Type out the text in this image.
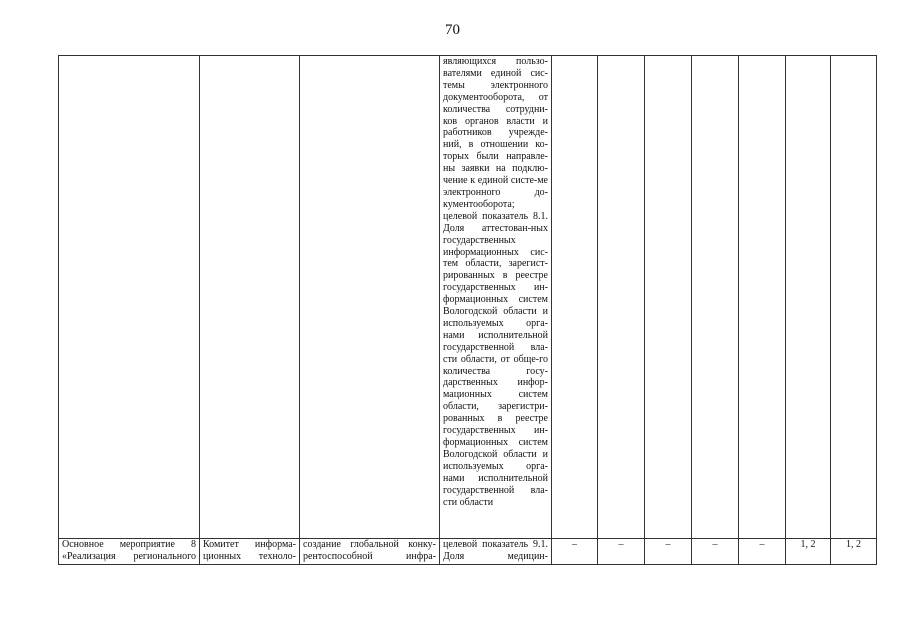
70
			являющихся пользо-вателями единой сис-темы электронного документооборота, от количества сотрудни-ков органов власти и работников учрежде-ний, в отношении ко-торых были направле-ны заявки на подклю-чение к единой систе-ме электронного до-кументооборота; целевой показатель 8.1. Доля аттестован-ных государственных информационных сис-тем области, зарегист-рированных в реестре государственных ин-формационных систем Вологодской области и используемых орга-нами исполнительной государственной вла-сти области, от обще-го количества госу-дарственных инфор-мационных систем области, зарегистри-рованных в реестре государственных ин-формационных систем Вологодской области и используемых орга-нами исполнительной государственной вла-сти области							
Основное мероприятие 8 «Реализация регионального	Комитет информа-ционных техноло-	создание глобальной конку-рентоспособной инфра-	целевой показатель 9.1. Доля медицин-	–	–	–	–	–	1, 2	1, 2
